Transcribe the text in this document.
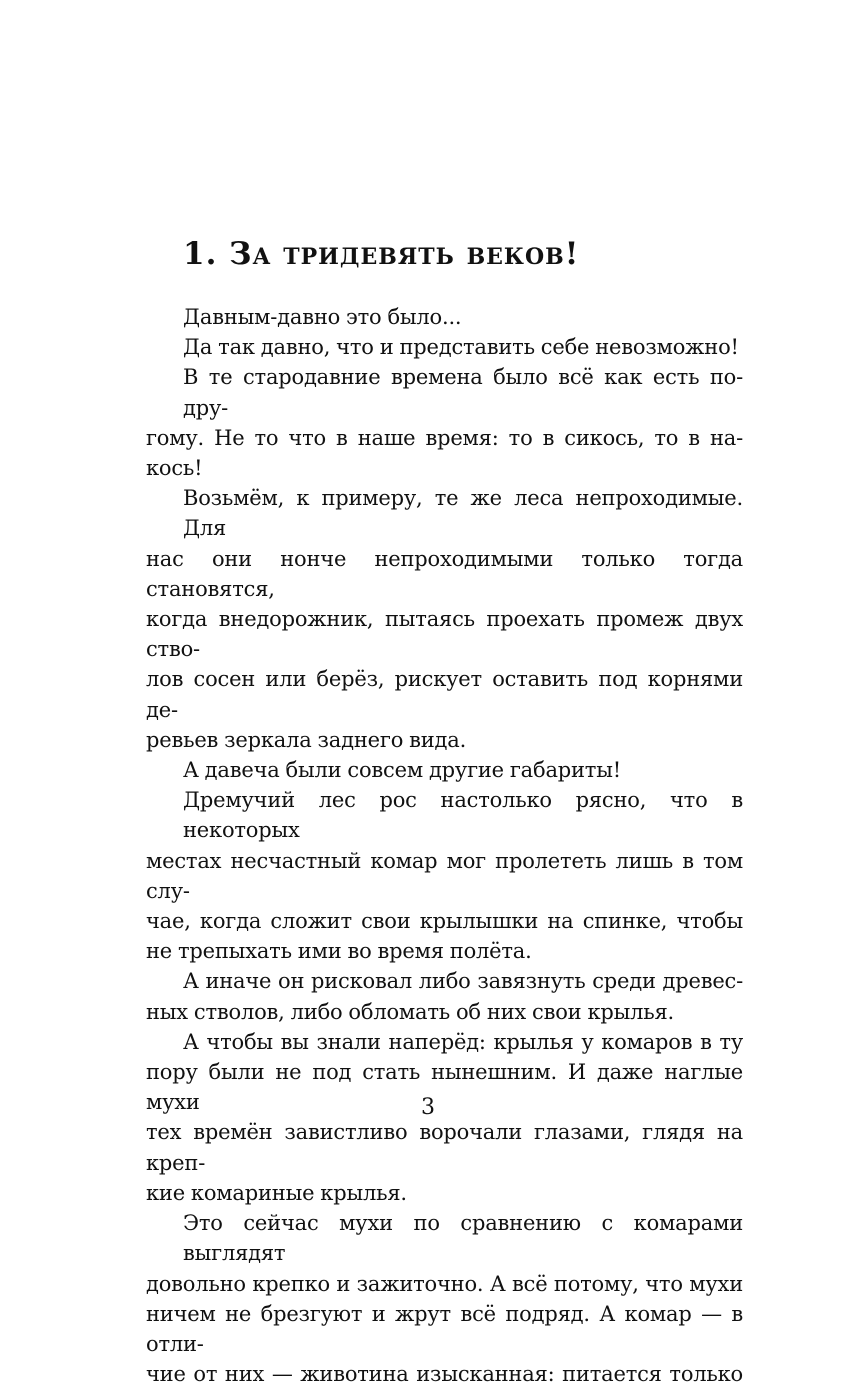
1. За тридевять веков!
Давным-давно это было...
Да так давно, что и представить себе невозможно!
В те стародавние времена было всё как есть по-дру-
гому. Не то что в наше время: то в сикось, то в на-
кось!
Возьмём, к примеру, те же леса непроходимые. Для
нас они нонче непроходимыми только тогда становятся,
когда внедорожник, пытаясь проехать промеж двух ство-
лов сосен или берёз, рискует оставить под корнями де-
ревьев зеркала заднего вида.
А давеча были совсем другие габариты!
Дремучий лес рос настолько рясно, что в некоторых
местах несчастный комар мог пролететь лишь в том слу-
чае, когда сложит свои крылышки на спинке, чтобы
не трепыхать ими во время полёта.
А иначе он рисковал либо завязнуть среди древес-
ных стволов, либо обломать об них свои крылья.
А чтобы вы знали наперёд: крылья у комаров в ту
пору были не под стать нынешним. И даже наглые мухи
тех времён завистливо ворочали глазами, глядя на креп-
кие комариные крылья.
Это сейчас мухи по сравнению с комарами выглядят
довольно крепко и зажиточно. А всё потому, что мухи
ничем не брезгуют и жрут всё подряд. А комар — в отли-
чие от них — животина изысканная: питается только
3
